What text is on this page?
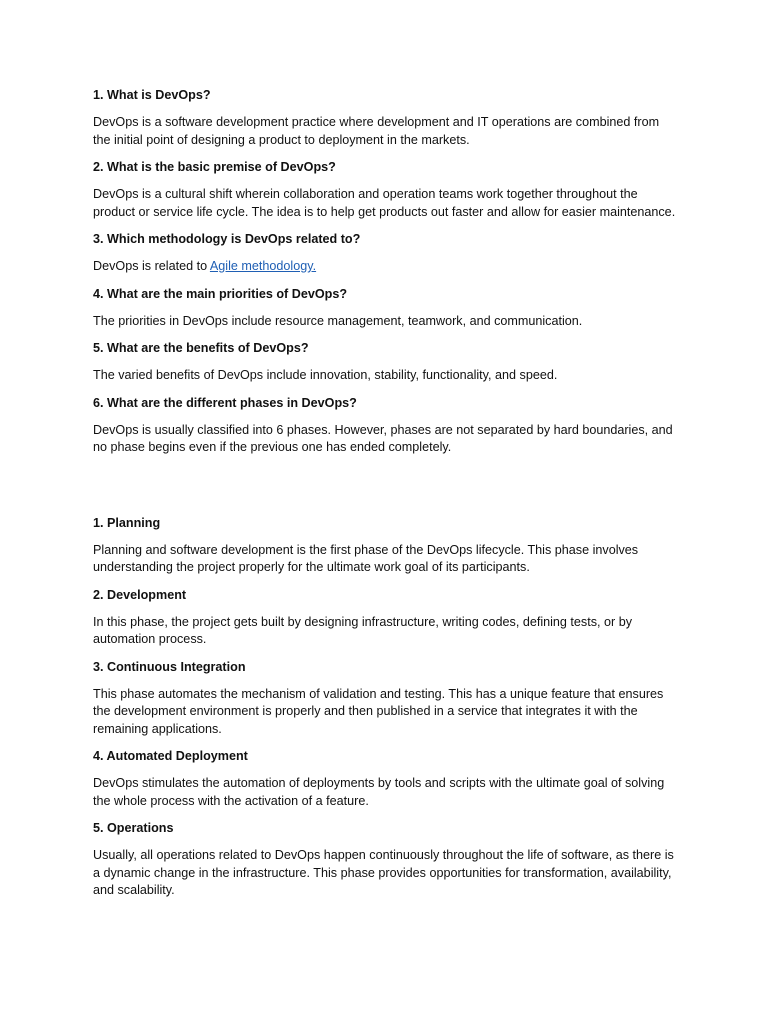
1. What is DevOps?
DevOps is a software development practice where development and IT operations are combined from the initial point of designing a product to deployment in the markets.
2. What is the basic premise of DevOps?
DevOps is a cultural shift wherein collaboration and operation teams work together throughout the product or service life cycle. The idea is to help get products out faster and allow for easier maintenance.
3. Which methodology is DevOps related to?
DevOps is related to Agile methodology.
4. What are the main priorities of DevOps?
The priorities in DevOps include resource management, teamwork, and communication.
5. What are the benefits of DevOps?
The varied benefits of DevOps include innovation, stability, functionality, and speed.
6. What are the different phases in DevOps?
DevOps is usually classified into 6 phases. However, phases are not separated by hard boundaries, and no phase begins even if the previous one has ended completely.
1. Planning
Planning and software development is the first phase of the DevOps lifecycle. This phase involves understanding the project properly for the ultimate work goal of its participants.
2. Development
In this phase, the project gets built by designing infrastructure, writing codes, defining tests, or by automation process.
3. Continuous Integration
This phase automates the mechanism of validation and testing. This has a unique feature that ensures the development environment is properly and then published in a service that integrates it with the remaining applications.
4. Automated Deployment
DevOps stimulates the automation of deployments by tools and scripts with the ultimate goal of solving the whole process with the activation of a feature.
5. Operations
Usually, all operations related to DevOps happen continuously throughout the life of software, as there is a dynamic change in the infrastructure. This phase provides opportunities for transformation, availability, and scalability.
